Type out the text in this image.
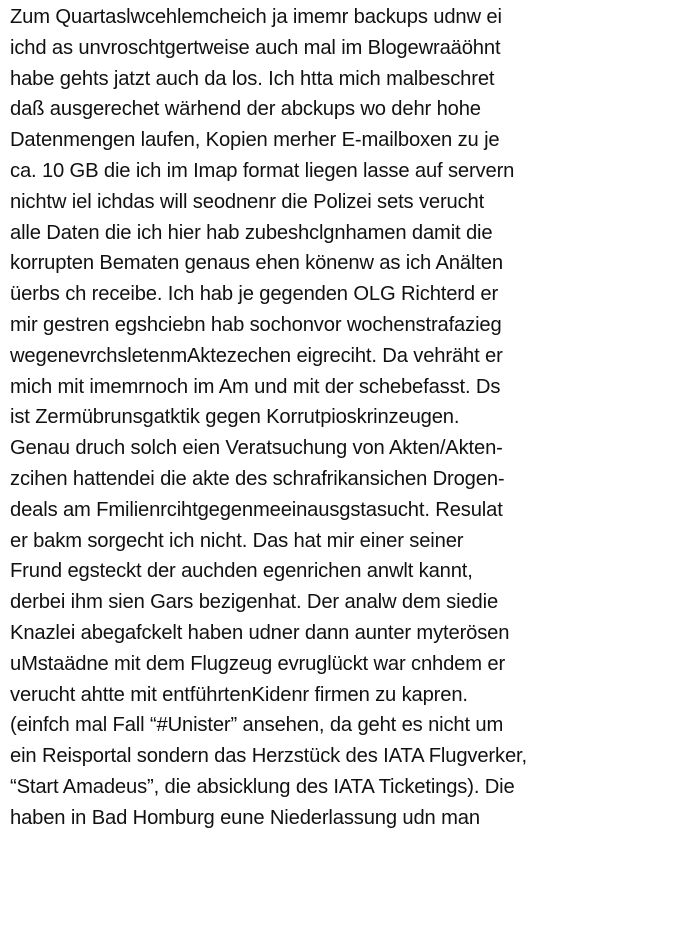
Zum Quartaslwcehlemcheich ja imemr backups udnw ei
ichd as unvroschtgertweise auch mal im Blogewraäöhnt
habe gehts jatzt auch da los. Ich htta mich malbeschret
daß ausgerechet wärhend der abckups wo dehr hohe
Datenmengen laufen, Kopien merher E-mailboxen zu je
ca. 10 GB die ich im Imap format liegen lasse auf servern
nichtw iel ichdas will seodnenr die Polizei sets verucht
alle Daten die ich hier hab zubeshclgnhamen damit die
korrupten Bematen genaus ehen könenw as ich Anälten
üerbs ch receibe. Ich hab je gegenden OLG Richterd er
mir gestren egshciebn hab sochonvor wochenstrafazieg
wegenevrchsletenmAktezechen eigreciht. Da vehräht er
mich mit imemrnoch im Am und mit der schebefasst. Ds
ist Zermübrunsgatktik gegen Korrutpioskrinzeugen.
Genau druch solch eien Veratsuchung von Akten/Akten-
zcihen hattendei die akte des schrafrikansichen Drogen-
deals am Fmilienrcihtgegenmeeinausgstasucht. Resulat
er bakm sorgecht ich nicht. Das hat mir einer seiner
Frund egsteckt der auchden egenrichen anwlt kannt,
derbei ihm sien Gars bezigenhat. Der analw dem siedie
Knazlei abegafckelt haben udner dann aunter myterösen
uMstaädne mit dem Flugzeug evruglückt war cnhdem er
verucht ahtte mit entführtenKidenr firmen zu kapren.
(einfch mal Fall “#Unister” ansehen, da geht es nicht um
ein Reisportal sondern das Herzstück des IATA Flugverker,
“Start Amadeus”, die absicklung des IATA Ticketings). Die
haben in Bad Homburg eune Niederlassung udn man
